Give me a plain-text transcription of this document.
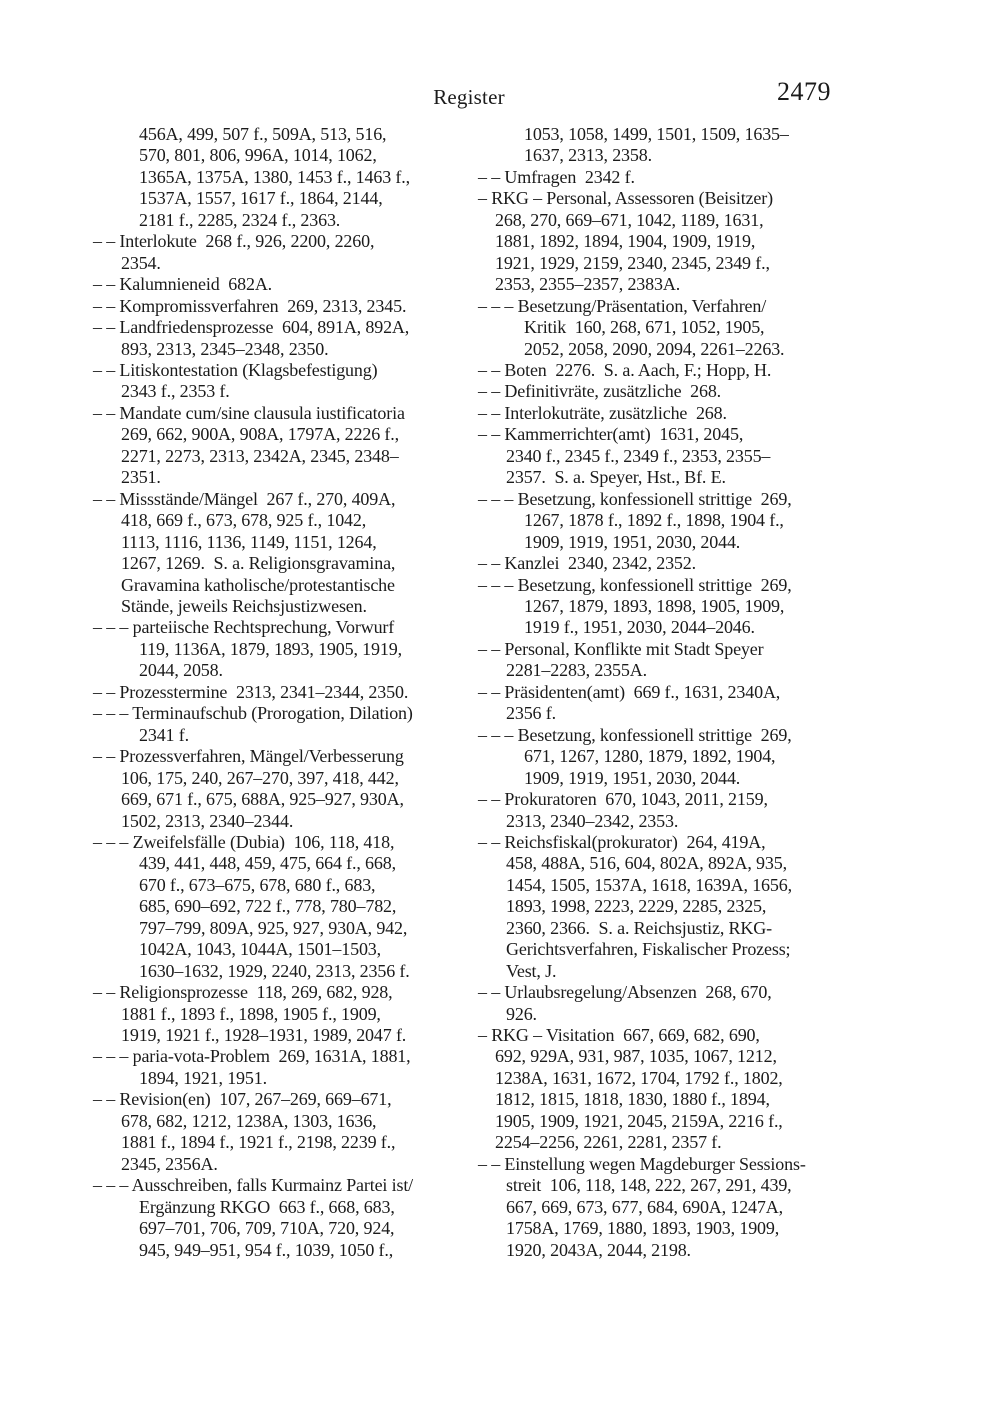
Register	2479
456A, 499, 507 f., 509A, 513, 516,
570, 801, 806, 996A, 1014, 1062,
1365A, 1375A, 1380, 1453 f., 1463 f.,
1537A, 1557, 1617 f., 1864, 2144,
2181 f., 2285, 2324 f., 2363.
– – Interlokute  268 f., 926, 2200, 2260,
2354.
– – Kalumnieneid  682A.
– – Kompromissverfahren  269, 2313, 2345.
– – Landfriedensprozesse  604, 891A, 892A,
893, 2313, 2345–2348, 2350.
– – Litiskontestation (Klagsbefestigung)
2343 f., 2353 f.
– – Mandate cum/sine clausula iustificatoria
269, 662, 900A, 908A, 1797A, 2226 f.,
2271, 2273, 2313, 2342A, 2345, 2348–
2351.
– – Missstände/Mängel  267 f., 270, 409A,
418, 669 f., 673, 678, 925 f., 1042,
1113, 1116, 1136, 1149, 1151, 1264,
1267, 1269.  S. a. Religionsgravamina,
Gravamina katholische/protestantische
Stände, jeweils Reichsjustizwesen.
– – – parteiische Rechtsprechung, Vorwurf
119, 1136A, 1879, 1893, 1905, 1919,
2044, 2058.
– – Prozesstermine  2313, 2341–2344, 2350.
– – – Terminaufschub (Prorogation, Dilation)
2341 f.
– – Prozessverfahren, Mängel/Verbesserung
106, 175, 240, 267–270, 397, 418, 442,
669, 671 f., 675, 688A, 925–927, 930A,
1502, 2313, 2340–2344.
– – – Zweifelsfälle (Dubia)  106, 118, 418,
439, 441, 448, 459, 475, 664 f., 668,
670 f., 673–675, 678, 680 f., 683,
685, 690–692, 722 f., 778, 780–782,
797–799, 809A, 925, 927, 930A, 942,
1042A, 1043, 1044A, 1501–1503,
1630–1632, 1929, 2240, 2313, 2356 f.
– – Religionsprozesse  118, 269, 682, 928,
1881 f., 1893 f., 1898, 1905 f., 1909,
1919, 1921 f., 1928–1931, 1989, 2047 f.
– – – paria-vota-Problem  269, 1631A, 1881,
1894, 1921, 1951.
– – Revision(en)  107, 267–269, 669–671,
678, 682, 1212, 1238A, 1303, 1636,
1881 f., 1894 f., 1921 f., 2198, 2239 f.,
2345, 2356A.
– – – Ausschreiben, falls Kurmainz Partei ist/
Ergänzung RKGO  663 f., 668, 683,
697–701, 706, 709, 710A, 720, 924,
945, 949–951, 954 f., 1039, 1050 f.,
1053, 1058, 1499, 1501, 1509, 1635–
1637, 2313, 2358.
– – Umfragen  2342 f.
– RKG – Personal, Assessoren (Beisitzer)
268, 270, 669–671, 1042, 1189, 1631,
1881, 1892, 1894, 1904, 1909, 1919,
1921, 1929, 2159, 2340, 2345, 2349 f.,
2353, 2355–2357, 2383A.
– – – Besetzung/Präsentation, Verfahren/
Kritik  160, 268, 671, 1052, 1905,
2052, 2058, 2090, 2094, 2261–2263.
– – Boten  2276.  S. a. Aach, F.; Hopp, H.
– – Definitivräte, zusätzliche  268.
– – Interlokuträte, zusätzliche  268.
– – Kammerrichter(amt)  1631, 2045,
2340 f., 2345 f., 2349 f., 2353, 2355–
2357.  S. a. Speyer, Hst., Bf. E.
– – – Besetzung, konfessionell strittige  269,
1267, 1878 f., 1892 f., 1898, 1904 f.,
1909, 1919, 1951, 2030, 2044.
– – Kanzlei  2340, 2342, 2352.
– – – Besetzung, konfessionell strittige  269,
1267, 1879, 1893, 1898, 1905, 1909,
1919 f., 1951, 2030, 2044–2046.
– – Personal, Konflikte mit Stadt Speyer
2281–2283, 2355A.
– – Präsidenten(amt)  669 f., 1631, 2340A,
2356 f.
– – – Besetzung, konfessionell strittige  269,
671, 1267, 1280, 1879, 1892, 1904,
1909, 1919, 1951, 2030, 2044.
– – Prokuratoren  670, 1043, 2011, 2159,
2313, 2340–2342, 2353.
– – Reichsfiskal(prokurator)  264, 419A,
458, 488A, 516, 604, 802A, 892A, 935,
1454, 1505, 1537A, 1618, 1639A, 1656,
1893, 1998, 2223, 2229, 2285, 2325,
2360, 2366.  S. a. Reichsjustiz, RKG-
Gerichtsverfahren, Fiskalischer Prozess;
Vest, J.
– – Urlaubsregelung/Absenzen  268, 670,
926.
– RKG – Visitation  667, 669, 682, 690,
692, 929A, 931, 987, 1035, 1067, 1212,
1238A, 1631, 1672, 1704, 1792 f., 1802,
1812, 1815, 1818, 1830, 1880 f., 1894,
1905, 1909, 1921, 2045, 2159A, 2216 f.,
2254–2256, 2261, 2281, 2357 f.
– – Einstellung wegen Magdeburger Sessions-
streit  106, 118, 148, 222, 267, 291, 439,
667, 669, 673, 677, 684, 690A, 1247A,
1758A, 1769, 1880, 1893, 1903, 1909,
1920, 2043A, 2044, 2198.
